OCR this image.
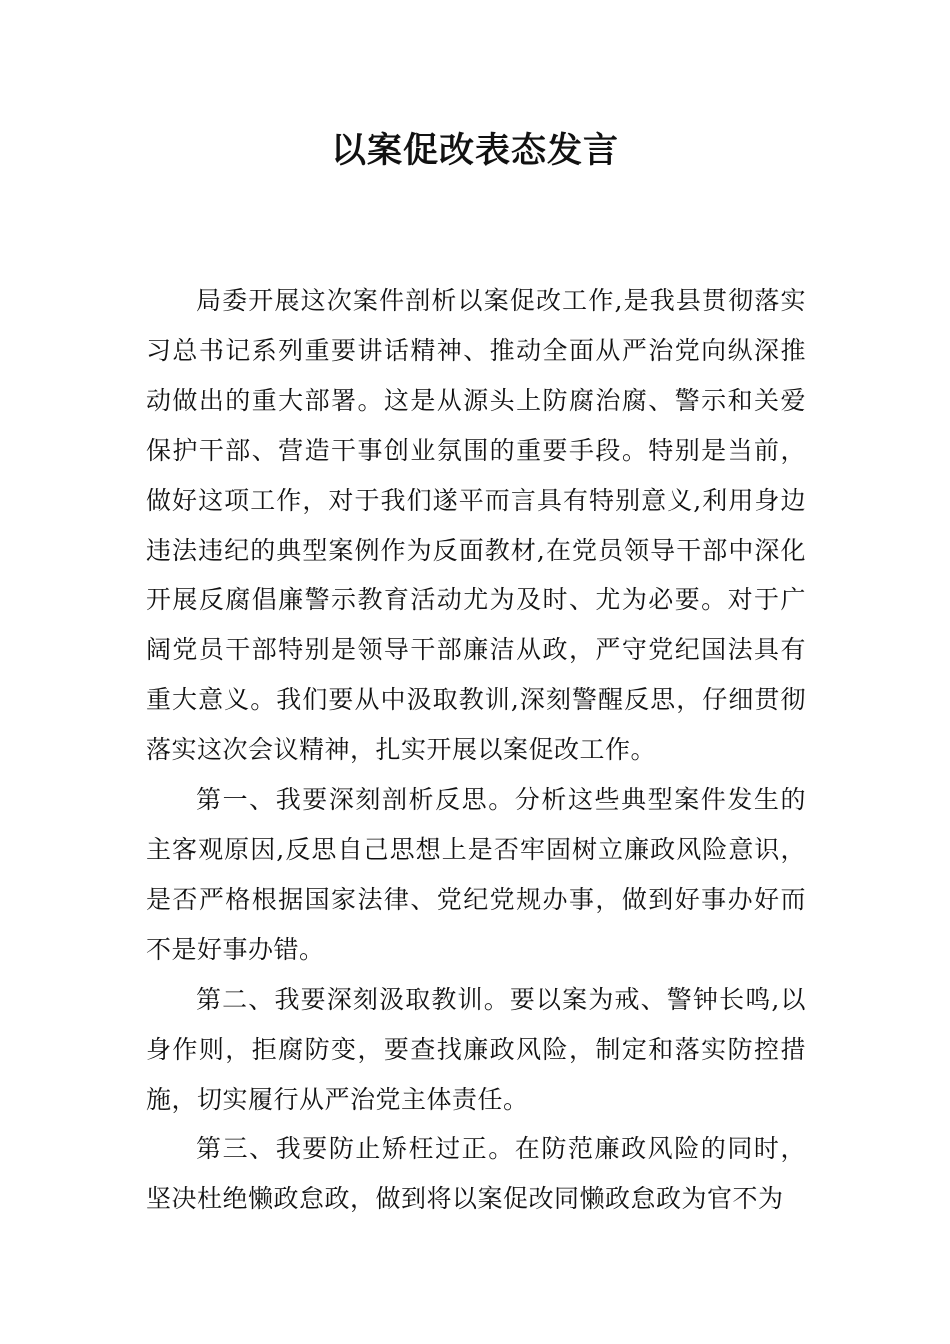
以案促改表态发言

局委开展这次案件剖析以案促改工作,是我县贯彻落实习总书记系列重要讲话精神、推动全面从严治党向纵深推动做出的重大部署。这是从源头上防腐治腐、警示和关爱保护干部、营造干事创业氛围的重要手段。特别是当前，做好这项工作，对于我们遂平而言具有特别意义,利用身边违法违纪的典型案例作为反面教材,在党员领导干部中深化开展反腐倡廉警示教育活动尤为及时、尤为必要。对于广阔党员干部特别是领导干部廉洁从政，严守党纪国法具有重大意义。我们要从中汲取教训,深刻警醒反思，仔细贯彻落实这次会议精神，扎实开展以案促改工作。

第一、我要深刻剖析反思。分析这些典型案件发生的主客观原因,反思自己思想上是否牢固树立廉政风险意识，是否严格根据国家法律、党纪党规办事，做到好事办好而不是好事办错。

第二、我要深刻汲取教训。要以案为戒、警钟长鸣,以身作则，拒腐防变，要查找廉政风险，制定和落实防控措施，切实履行从严治党主体责任。

第三、我要防止矫枉过正。在防范廉政风险的同时，坚决杜绝懒政怠政，做到将以案促改同懒政怠政为官不为
